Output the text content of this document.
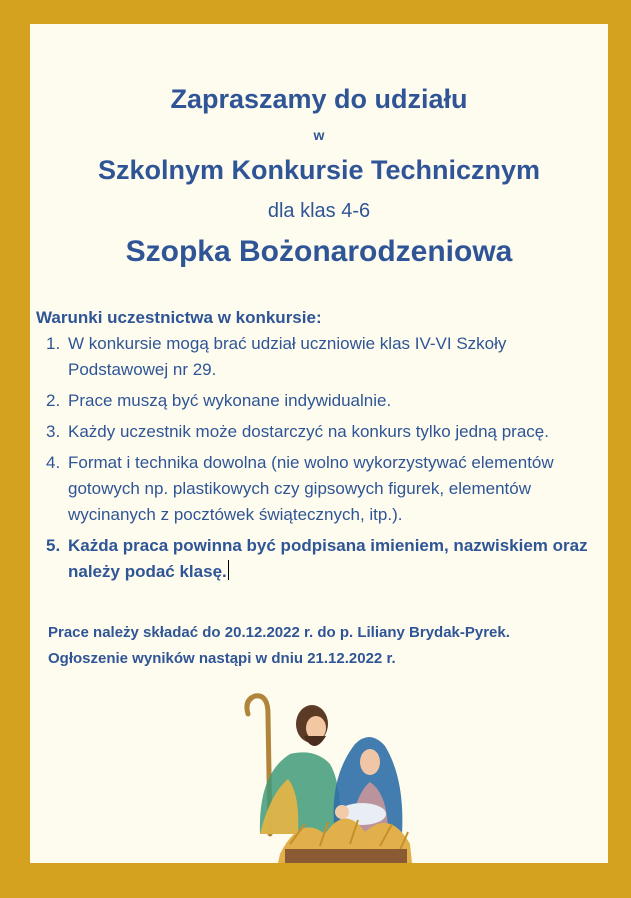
Zapraszamy do udziału
w
Szkolnym Konkursie Technicznym
dla klas 4-6
Szopka Bożonarodzeniowa
Warunki uczestnictwa w konkursie:
1. W konkursie mogą brać udział uczniowie klas IV-VI Szkoły Podstawowej nr 29.
2. Prace muszą być wykonane indywidualnie.
3. Każdy uczestnik może dostarczyć na konkurs tylko jedną pracę.
4. Format i technika dowolna (nie wolno wykorzystywać elementów gotowych np. plastikowych czy gipsowych figurek, elementów wycinanych z pocztówek świątecznych, itp.).
5. Każda praca powinna być podpisana imieniem, nazwiskiem oraz należy podać klasę.
Prace należy składać do 20.12.2022 r. do p. Liliany Brydak-Pyrek.
Ogłoszenie wyników nastąpi w dniu 21.12.2022 r.
